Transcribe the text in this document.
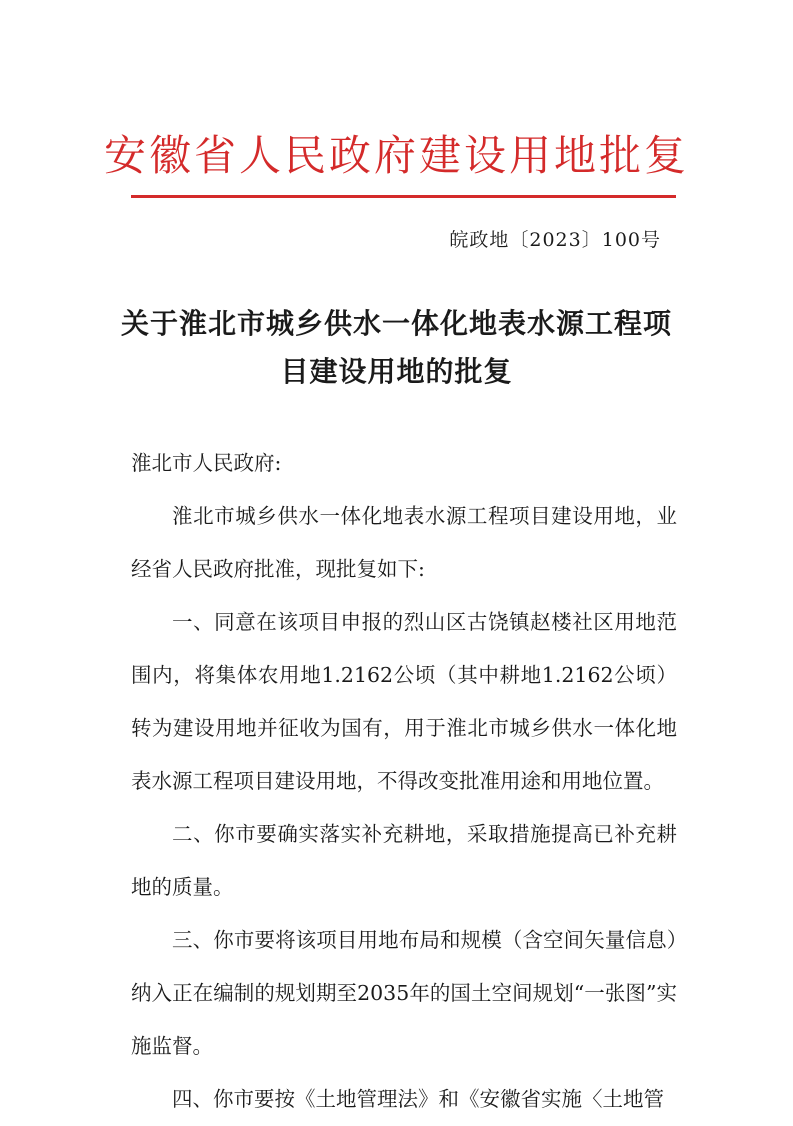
安徽省人民政府建设用地批复
皖政地〔2023〕100号
关于淮北市城乡供水一体化地表水源工程项目建设用地的批复

淮北市人民政府:

淮北市城乡供水一体化地表水源工程项目建设用地，业经省人民政府批准，现批复如下:

一、同意在该项目申报的烈山区古饶镇赵楼社区用地范围内，将集体农用地1.2162公顷（其中耕地1.2162公顷）转为建设用地并征收为国有，用于淮北市城乡供水一体化地表水源工程项目建设用地，不得改变批准用途和用地位置。

二、你市要确实落实补充耕地，采取措施提高已补充耕地的质量。

三、你市要将该项目用地布局和规模（含空间矢量信息）纳入正在编制的规划期至2035年的国土空间规划“一张图”实施监督。

四、你市要按《土地管理法》和《安徽省实施〈土地管
